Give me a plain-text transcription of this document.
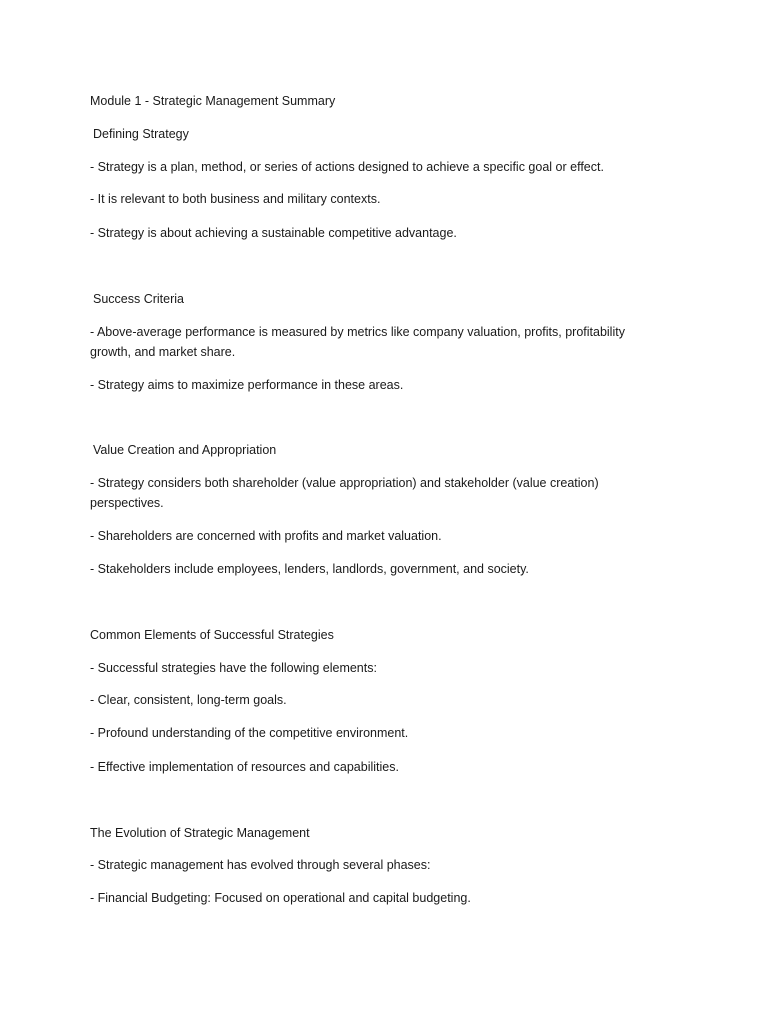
Module 1 - Strategic Management Summary

Defining Strategy

- Strategy is a plan, method, or series of actions designed to achieve a specific goal or effect.

- It is relevant to both business and military contexts.

- Strategy is about achieving a sustainable competitive advantage.

Success Criteria

- Above-average performance is measured by metrics like company valuation, profits, profitability growth, and market share.

- Strategy aims to maximize performance in these areas.

Value Creation and Appropriation

- Strategy considers both shareholder (value appropriation) and stakeholder (value creation) perspectives.

- Shareholders are concerned with profits and market valuation.

- Stakeholders include employees, lenders, landlords, government, and society.

Common Elements of Successful Strategies

- Successful strategies have the following elements:

- Clear, consistent, long-term goals.

- Profound understanding of the competitive environment.

- Effective implementation of resources and capabilities.

The Evolution of Strategic Management

- Strategic management has evolved through several phases:

- Financial Budgeting: Focused on operational and capital budgeting.
